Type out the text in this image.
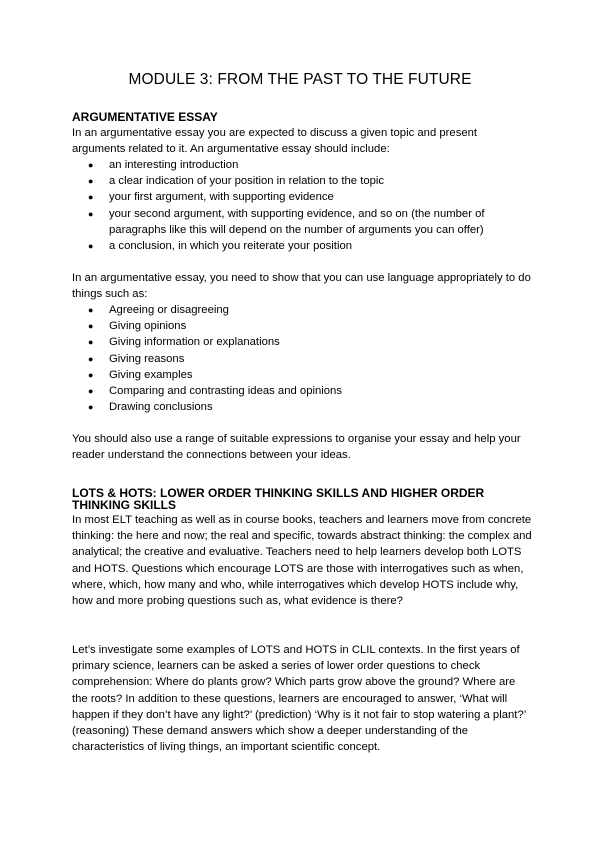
MODULE 3: FROM THE PAST TO THE FUTURE
ARGUMENTATIVE ESSAY

In an argumentative essay you are expected to discuss a given topic and present arguments related to it. An argumentative essay should include:

● an interesting introduction
● a clear indication of your position in relation to the topic
● your first argument, with supporting evidence
● your second argument, with supporting evidence, and so on (the number of paragraphs like this will depend on the number of arguments you can offer)
● a conclusion, in which you reiterate your position

In an argumentative essay, you need to show that you can use language appropriately to do things such as:

● Agreeing or disagreeing
● Giving opinions
● Giving information or explanations
● Giving reasons
● Giving examples
● Comparing and contrasting ideas and opinions
● Drawing conclusions

You should also use a range of suitable expressions to organise your essay and help your reader understand the connections between your ideas.

LOTS & HOTS: LOWER ORDER THINKING SKILLS AND HIGHER ORDER THINKING SKILLS

In most ELT teaching as well as in course books, teachers and learners move from concrete thinking: the here and now; the real and specific, towards abstract thinking: the complex and analytical; the creative and evaluative. Teachers need to help learners develop both LOTS and HOTS. Questions which encourage LOTS are those with interrogatives such as when, where, which, how many and who, while interrogatives which develop HOTS include why, how and more probing questions such as, what evidence is there?

Let’s investigate some examples of LOTS and HOTS in CLIL contexts. In the first years of primary science, learners can be asked a series of lower order questions to check comprehension: Where do plants grow? Which parts grow above the ground? Where are the roots? In addition to these questions, learners are encouraged to answer, ‘What will happen if they don’t have any light?’ (prediction) ‘Why is it not fair to stop watering a plant?’ (reasoning) These demand answers which show a deeper understanding of the characteristics of living things, an important scientific concept.
